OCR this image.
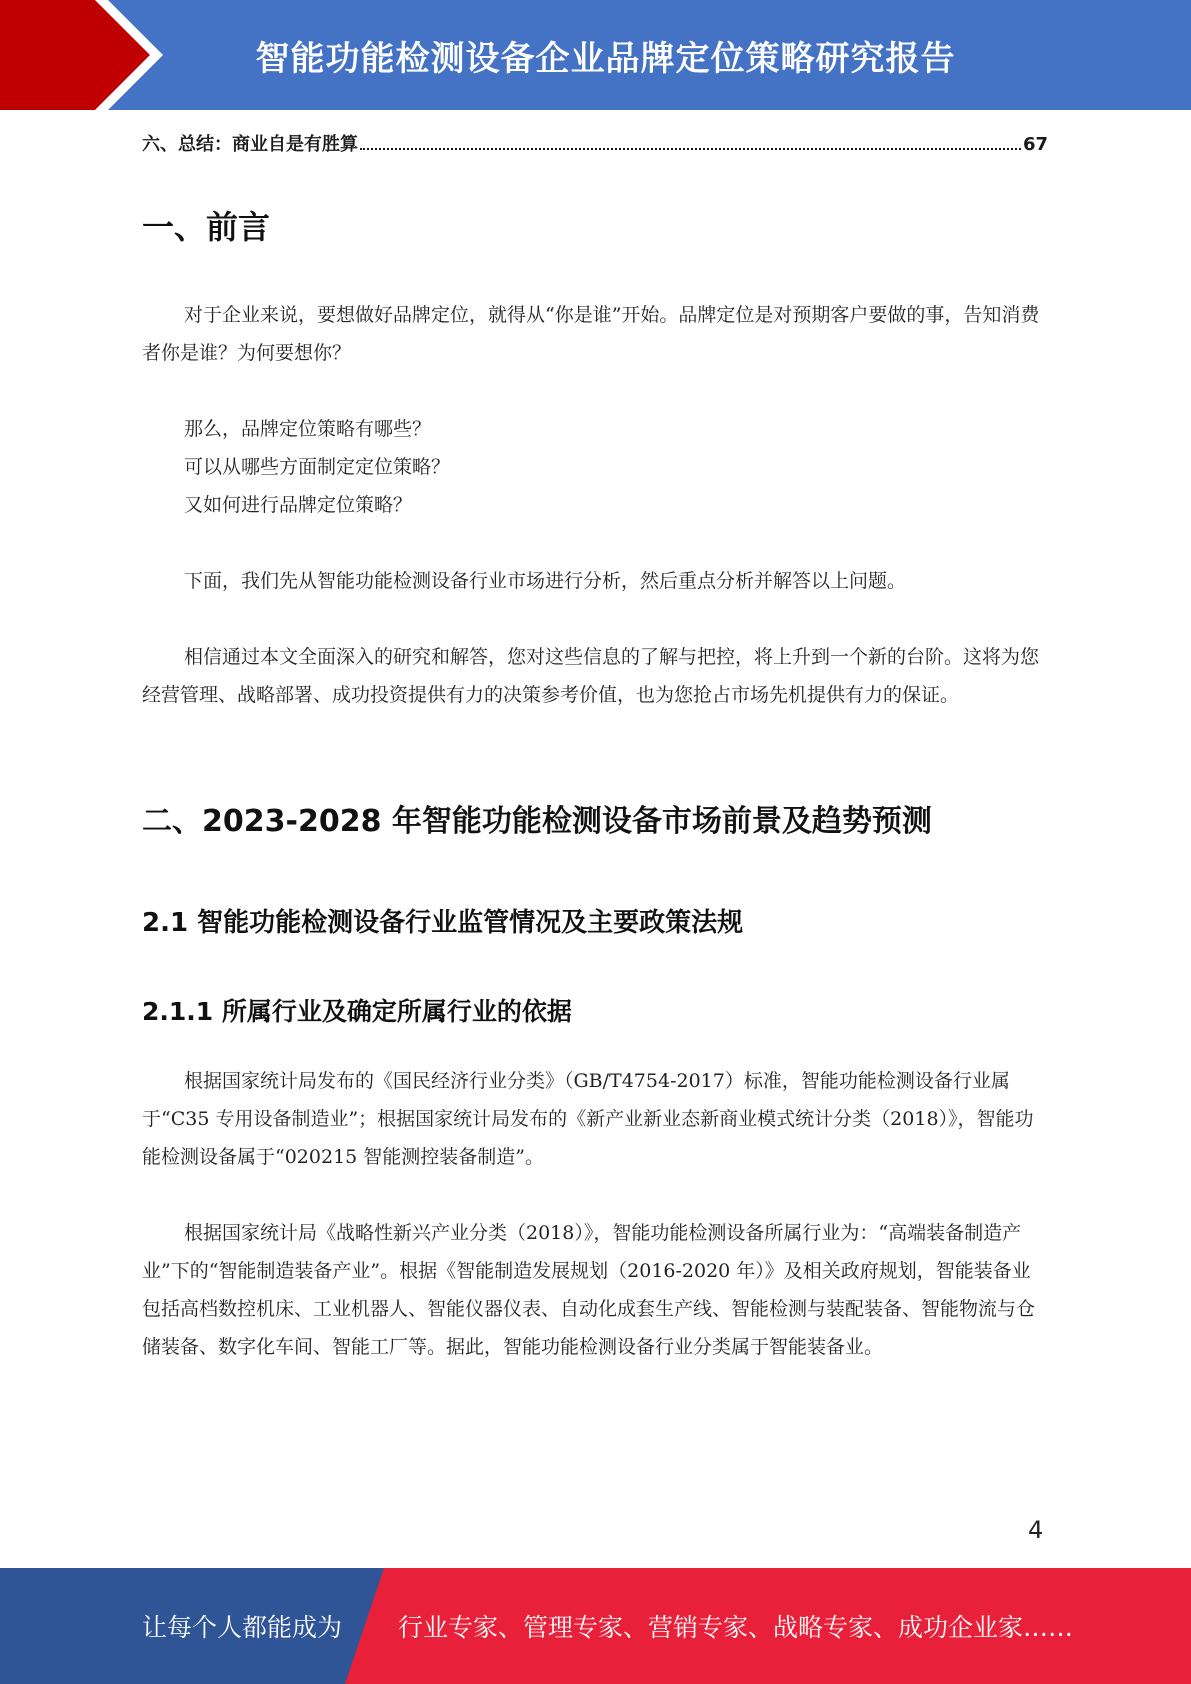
智能功能检测设备企业品牌定位策略研究报告
六、总结：商业自是有胜算	67
一、前言
对于企业来说，要想做好品牌定位，就得从“你是谁”开始。品牌定位是对预期客户要做的事，告知消费者你是谁？为何要想你？
那么，品牌定位策略有哪些？
可以从哪些方面制定定位策略？
又如何进行品牌定位策略？
下面，我们先从智能功能检测设备行业市场进行分析，然后重点分析并解答以上问题。
相信通过本文全面深入的研究和解答，您对这些信息的了解与把控，将上升到一个新的台阶。这将为您经营管理、战略部署、成功投资提供有力的决策参考价值，也为您抢占市场先机提供有力的保证。
二、2023-2028 年智能功能检测设备市场前景及趋势预测
2.1 智能功能检测设备行业监管情况及主要政策法规
2.1.1 所属行业及确定所属行业的依据
根据国家统计局发布的《国民经济行业分类》（GB/T4754-2017）标准，智能功能检测设备行业属于“C35 专用设备制造业”；根据国家统计局发布的《新产业新业态新商业模式统计分类（2018）》，智能功能检测设备属于“020215 智能测控装备制造”。
根据国家统计局《战略性新兴产业分类（2018）》，智能功能检测设备所属行业为：“高端装备制造产业”下的“智能制造装备产业”。根据《智能制造发展规划（2016-2020 年）》及相关政府规划，智能装备业包括高档数控机床、工业机器人、智能仪器仪表、自动化成套生产线、智能检测与装配装备、智能物流与仓储装备、数字化车间、智能工厂等。据此，智能功能检测设备行业分类属于智能装备业。
4
让每个人都能成为 行业专家、管理专家、营销专家、战略专家、成功企业家……
